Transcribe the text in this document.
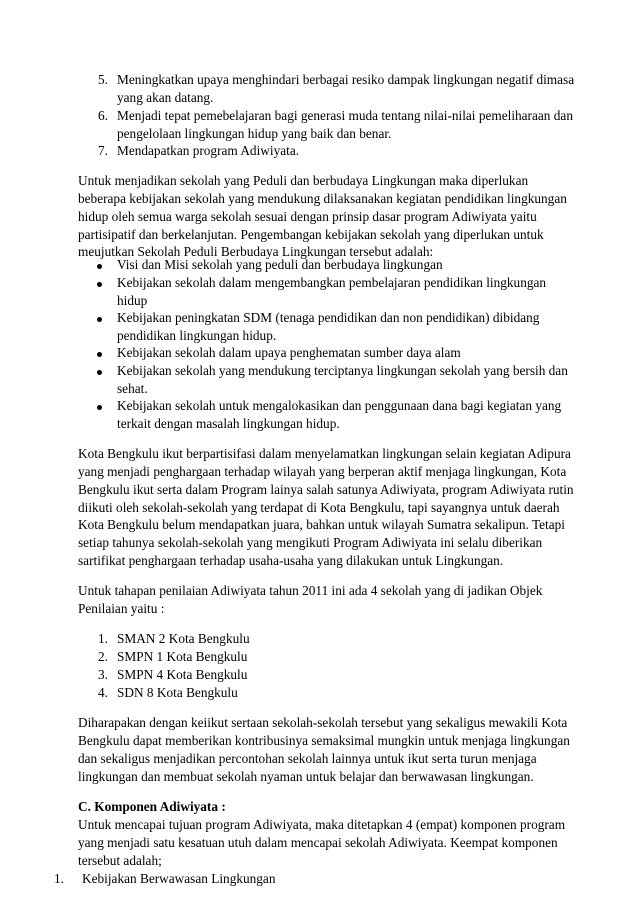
5. Meningkatkan upaya menghindari berbagai resiko dampak lingkungan negatif dimasa
yang akan datang.
6. Menjadi tepat pemebelajaran bagi generasi muda tentang nilai-nilai pemeliharaan dan
pengelolaan lingkungan hidup yang baik dan benar.
7. Mendapatkan program Adiwiyata.
Untuk menjadikan sekolah yang Peduli dan berbudaya Lingkungan maka diperlukan
beberapa kebijakan sekolah yang mendukung dilaksanakan kegiatan pendidikan lingkungan
hidup oleh semua warga sekolah sesuai dengan prinsip dasar program Adiwiyata yaitu
partisipatif dan berkelanjutan. Pengembangan kebijakan sekolah yang diperlukan untuk
meujutkan Sekolah Peduli Berbudaya Lingkungan tersebut adalah:
Visi dan Misi sekolah yang peduli dan berbudaya lingkungan
Kebijakan sekolah dalam mengembangkan pembelajaran pendidikan lingkungan
hidup
Kebijakan peningkatan SDM (tenaga pendidikan dan non pendidikan) dibidang
pendidikan lingkungan hidup.
Kebijakan sekolah dalam upaya penghematan sumber daya alam
Kebijakan sekolah yang mendukung terciptanya lingkungan sekolah yang bersih dan
sehat.
Kebijakan sekolah untuk mengalokasikan dan penggunaan dana bagi kegiatan yang
terkait dengan masalah lingkungan hidup.
Kota Bengkulu ikut berpartisifasi dalam menyelamatkan lingkungan selain kegiatan Adipura
yang menjadi penghargaan terhadap wilayah yang berperan aktif menjaga lingkungan, Kota
Bengkulu ikut serta dalam Program lainya salah satunya Adiwiyata, program Adiwiyata rutin
diikuti oleh sekolah-sekolah yang terdapat di Kota Bengkulu, tapi sayangnya untuk daerah
Kota Bengkulu belum mendapatkan juara, bahkan untuk wilayah Sumatra sekalipun. Tetapi
setiap tahunya sekolah-sekolah yang mengikuti Program Adiwiyata ini selalu diberikan
sartifikat penghargaan terhadap usaha-usaha yang dilakukan untuk Lingkungan.
Untuk tahapan penilaian Adiwiyata tahun 2011 ini ada 4 sekolah yang di jadikan Objek
Penilaian yaitu :
1. SMAN 2 Kota Bengkulu
2. SMPN 1 Kota Bengkulu
3. SMPN 4 Kota Bengkulu
4. SDN 8 Kota Bengkulu
Diharapakan dengan keiikut sertaan sekolah-sekolah tersebut yang sekaligus mewakili Kota
Bengkulu dapat memberikan kontribusinya semaksimal mungkin untuk menjaga lingkungan
dan sekaligus menjadikan percontohan sekolah lainnya untuk ikut serta turun menjaga
lingkungan dan membuat sekolah nyaman untuk belajar dan berwawasan lingkungan.
C. Komponen Adiwiyata :
Untuk mencapai tujuan program Adiwiyata, maka ditetapkan 4 (empat) komponen program
yang menjadi satu kesatuan utuh dalam mencapai sekolah Adiwiyata. Keempat komponen
tersebut adalah;
1. Kebijakan Berwawasan Lingkungan
